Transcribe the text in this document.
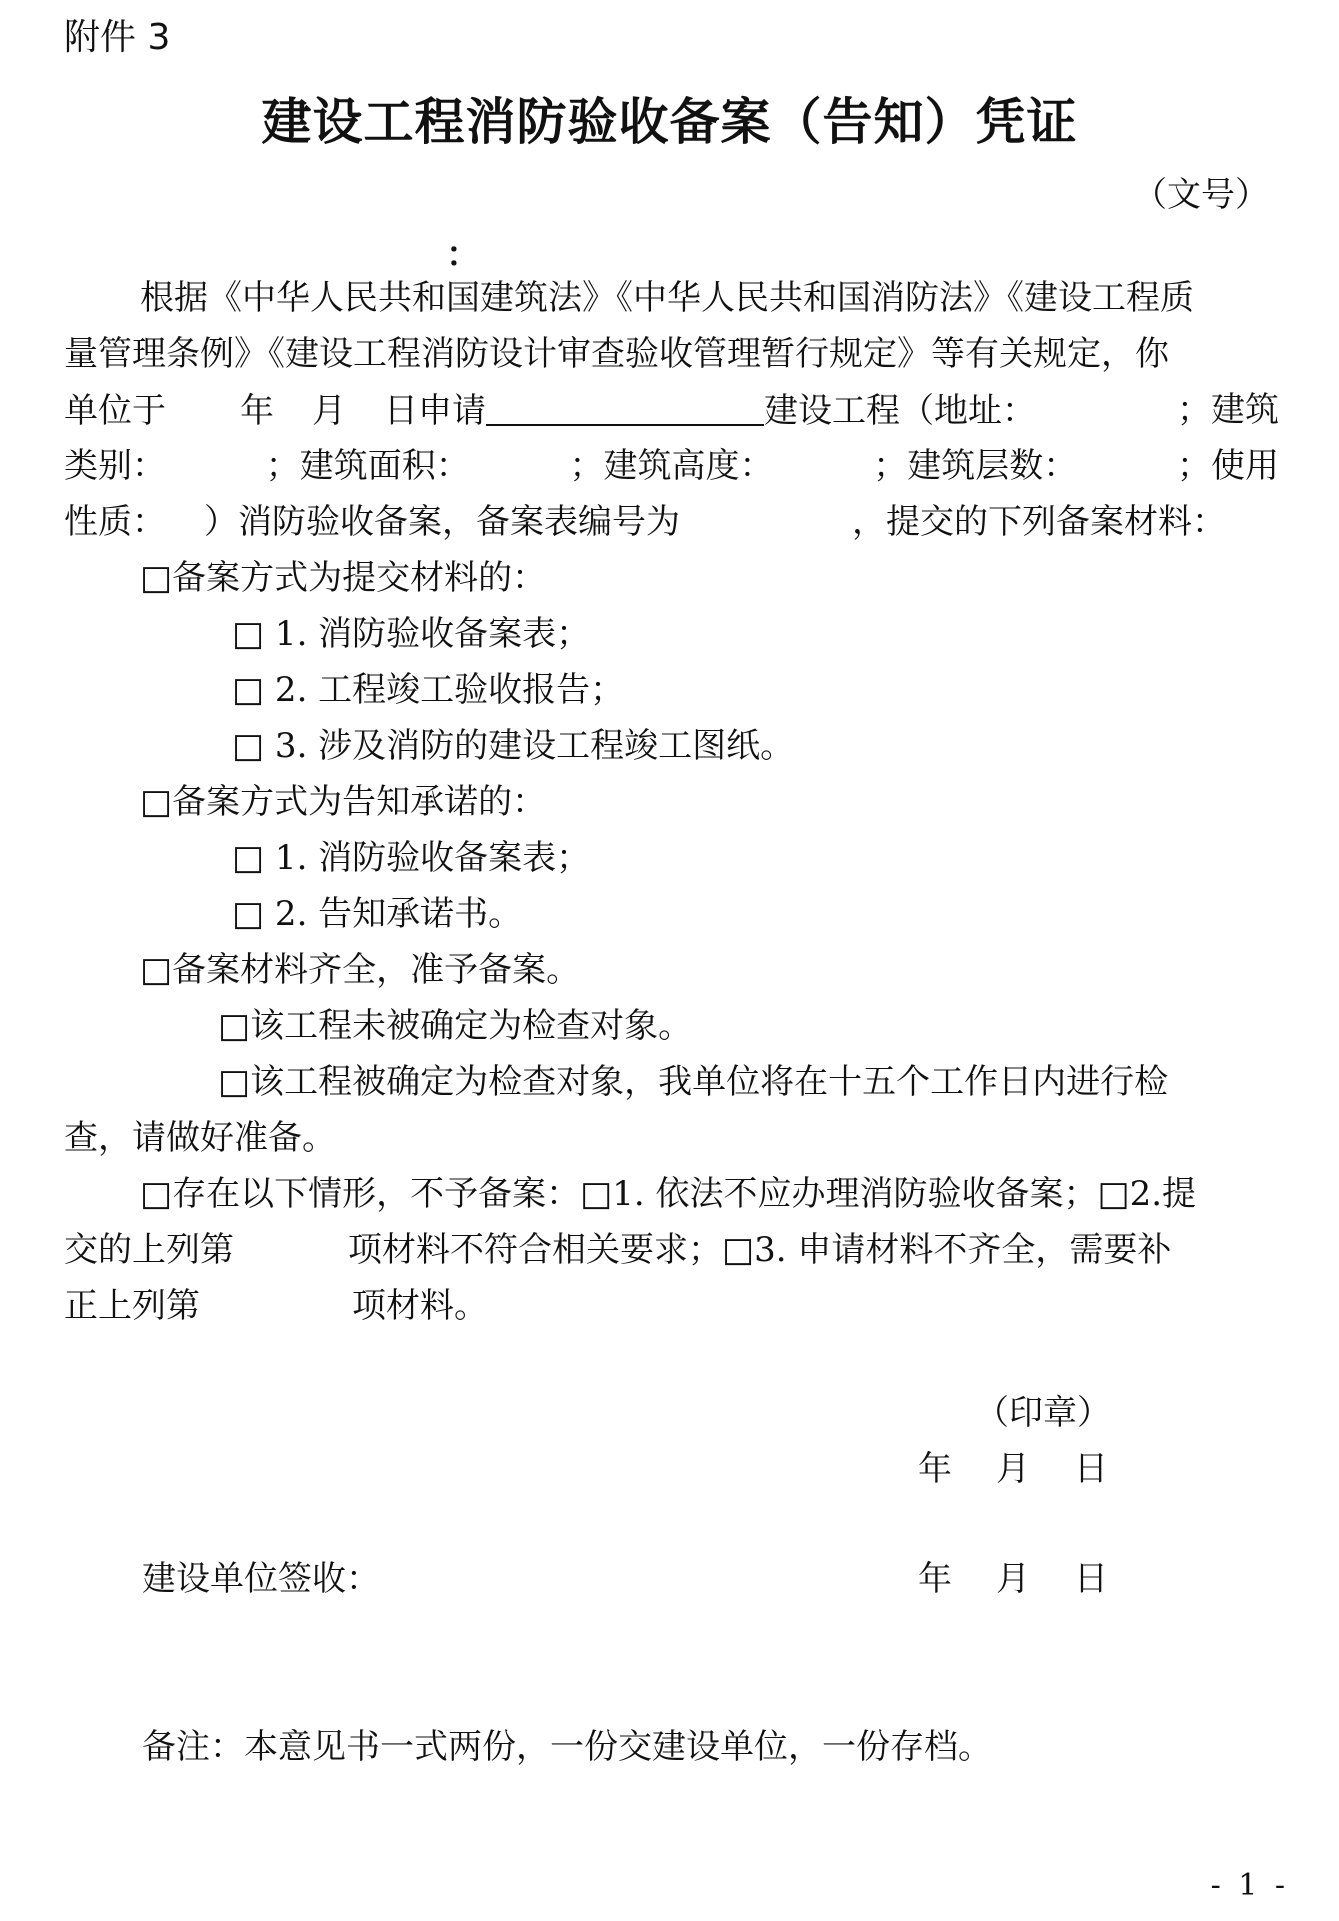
附件 3
建设工程消防验收备案（告知）凭证
（文号）
：
根据《中华人民共和国建筑法》《中华人民共和国消防法》《建设工程质
量管理条例》《建设工程消防设计审查验收管理暂行规定》等有关规定，你
单位于 年 月 日申请	建设工程（地址：	；建筑
类别：	；建筑面积：	；建筑高度：	；建筑层数：	；使用
性质： ）消防验收备案，备案表编号为	，提交的下列备案材料：
□备案方式为提交材料的：
□ 1. 消防验收备案表；
□ 2. 工程竣工验收报告；
□ 3. 涉及消防的建设工程竣工图纸。
□备案方式为告知承诺的：
□ 1. 消防验收备案表；
□ 2. 告知承诺书。
□备案材料齐全，准予备案。
□该工程未被确定为检查对象。
□该工程被确定为检查对象，我单位将在十五个工作日内进行检
查，请做好准备。
□存在以下情形，不予备案：□1. 依法不应办理消防验收备案；□2.提
交的上列第	项材料不符合相关要求；□3. 申请材料不齐全，需要补
正上列第	项材料。
（印章）
年 月 日
建设单位签收：	年 月 日
备注：本意见书一式两份，一份交建设单位，一份存档。
- 1 -
